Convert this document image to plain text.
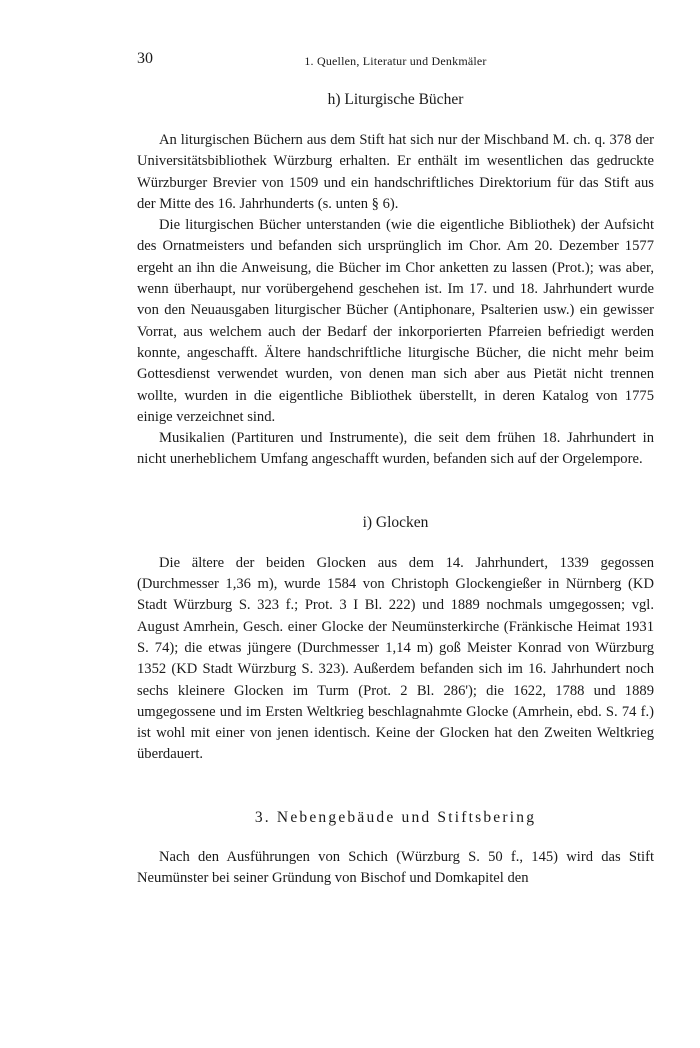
30	1. Quellen, Literatur und Denkmäler
h) Liturgische Bücher

An liturgischen Büchern aus dem Stift hat sich nur der Mischband M. ch. q. 378 der Universitätsbibliothek Würzburg erhalten. Er enthält im wesentlichen das gedruckte Würzburger Brevier von 1509 und ein handschriftliches Direktorium für das Stift aus der Mitte des 16. Jahrhunderts (s. unten § 6).

Die liturgischen Bücher unterstanden (wie die eigentliche Bibliothek) der Aufsicht des Ornatmeisters und befanden sich ursprünglich im Chor. Am 20. Dezember 1577 ergeht an ihn die Anweisung, die Bücher im Chor anketten zu lassen (Prot.); was aber, wenn überhaupt, nur vorübergehend geschehen ist. Im 17. und 18. Jahrhundert wurde von den Neuausgaben liturgischer Bücher (Antiphonare, Psalterien usw.) ein gewisser Vorrat, aus welchem auch der Bedarf der inkorporierten Pfarreien befriedigt werden konnte, angeschafft. Ältere handschriftliche liturgische Bücher, die nicht mehr beim Gottesdienst verwendet wurden, von denen man sich aber aus Pietät nicht trennen wollte, wurden in die eigentliche Bibliothek überstellt, in deren Katalog von 1775 einige verzeichnet sind.

Musikalien (Partituren und Instrumente), die seit dem frühen 18. Jahrhundert in nicht unerheblichem Umfang angeschafft wurden, befanden sich auf der Orgelempore.

i) Glocken

Die ältere der beiden Glocken aus dem 14. Jahrhundert, 1339 gegossen (Durchmesser 1,36 m), wurde 1584 von Christoph Glockengießer in Nürnberg (KD Stadt Würzburg S. 323 f.; Prot. 3 I Bl. 222) und 1889 nochmals umgegossen; vgl. August Amrhein, Gesch. einer Glocke der Neumünsterkirche (Fränkische Heimat 1931 S. 74); die etwas jüngere (Durchmesser 1,14 m) goß Meister Konrad von Würzburg 1352 (KD Stadt Würzburg S. 323). Außerdem befanden sich im 16. Jahrhundert noch sechs kleinere Glocken im Turm (Prot. 2 Bl. 286'); die 1622, 1788 und 1889 umgegossene und im Ersten Weltkrieg beschlagnahmte Glocke (Amrhein, ebd. S. 74 f.) ist wohl mit einer von jenen identisch. Keine der Glocken hat den Zweiten Weltkrieg überdauert.

3. Nebengebäude und Stiftsbering

Nach den Ausführungen von Schich (Würzburg S. 50 f., 145) wird das Stift Neumünster bei seiner Gründung von Bischof und Domkapitel den
